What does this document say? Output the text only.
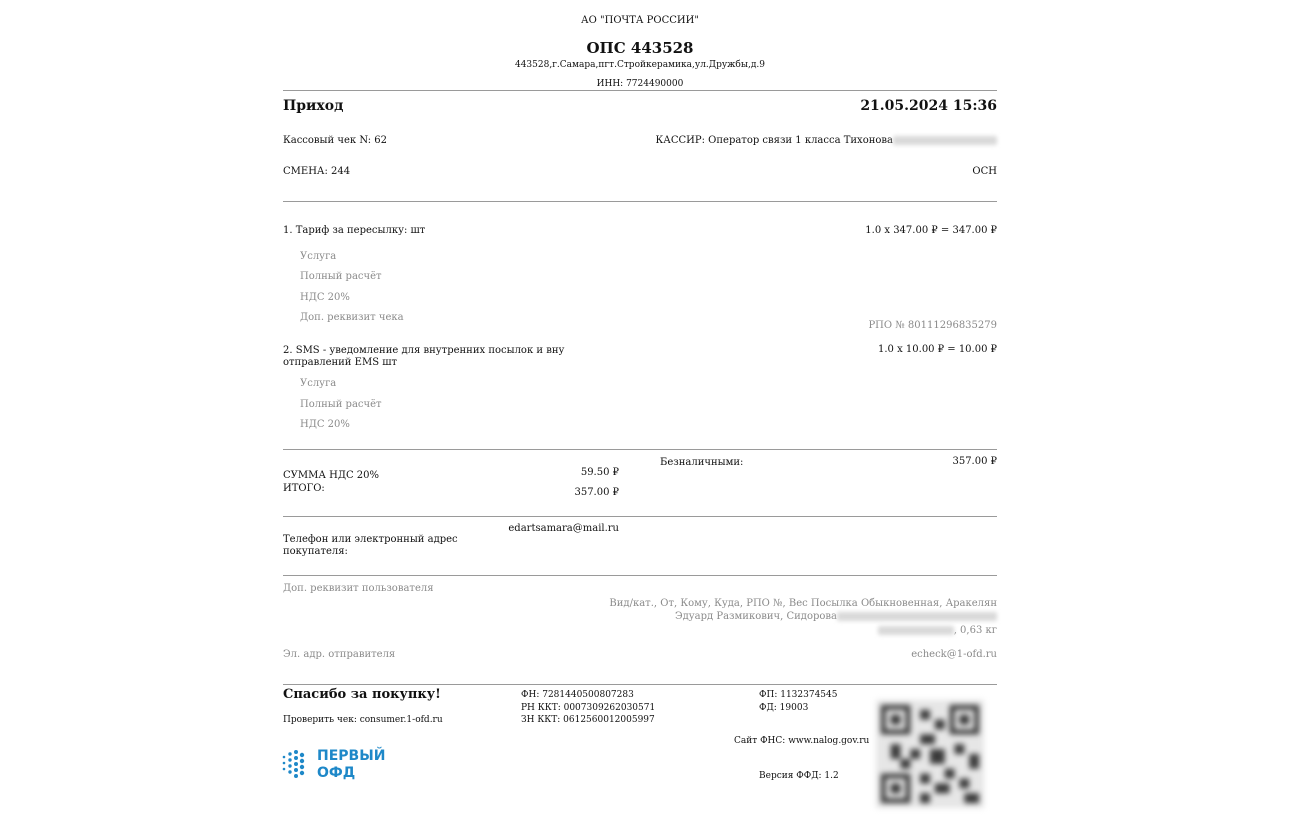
АО "ПОЧТА РОССИИ"
ОПС 443528
443528,г.Самара,пгт.Стройкерамика,ул.Дружбы,д.9
ИНН: 7724490000
Приход	21.05.2024 15:36
Кассовый чек N: 62	КАССИР: Оператор связи 1 класса Тихонова
СМЕНА: 244	ОСН
1. Тариф за пересылку: шт	1.0 x 347.00 ₽ = 347.00 ₽
Услуга
Полный расчёт
НДС 20%
Доп. реквизит чека
РПО № 80111296835279
2. SMS - уведомление для внутренних посылок и вну
отправлений EMS шт
1.0 x 10.00 ₽ = 10.00 ₽
Услуга
Полный расчёт
НДС 20%
Безналичными:	357.00 ₽
СУММА НДС 20%	59.50 ₽
ИТОГО:	357.00 ₽
edartsamara@mail.ru
Телефон или электронный адрес
покупателя:
Доп. реквизит пользователя
Вид/кат., От, Кому, Куда, РПО №, Вес Посылка Обыкновенная, Аракелян
Эдуард Размикович, Сидорова
, 0,63 кг
Эл. адр. отправителя	echeck@1-ofd.ru
Спасибо за покупку!
Проверить чек: consumer.1-ofd.ru
ФН: 7281440500807283
РН ККТ: 0007309262030571
ЗН ККТ: 0612560012005997
ФП: 1132374545
ФД: 19003
Сайт ФНС: www.nalog.gov.ru
Версия ФФД: 1.2
ПЕРВЫЙ
ОФД
